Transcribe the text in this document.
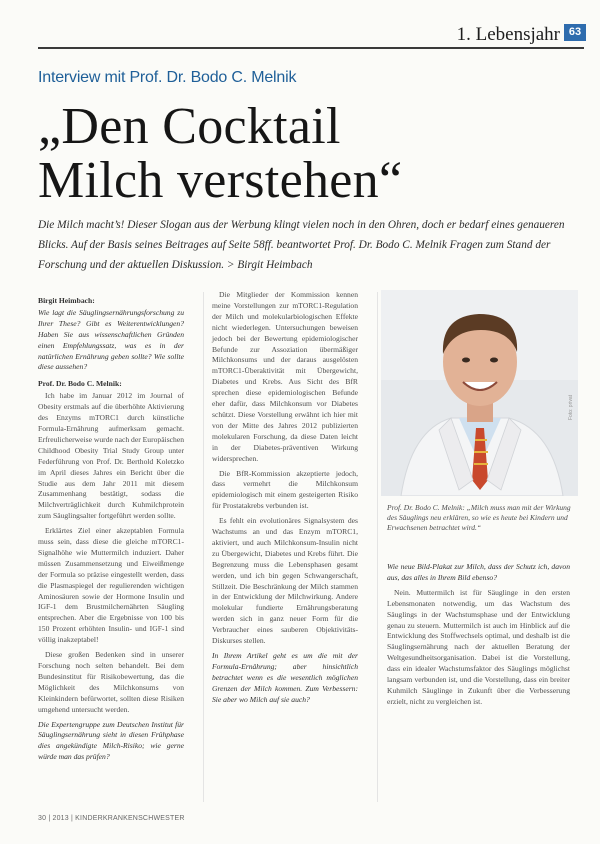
1. Lebensjahr 63
Interview mit Prof. Dr. Bodo C. Melnik
„Den Cocktail
Milch verstehen“
Die Milch macht’s! Dieser Slogan aus der Werbung klingt vielen noch in den Ohren, doch er bedarf eines genaueren Blicks. Auf der Basis seines Beitrages auf Seite 58ff. beantwortet Prof. Dr. Bodo C. Melnik Fragen zum Stand der Forschung und der aktuellen Diskussion. > Birgit Heimbach

Birgit Heimbach:

Wie lagt die Säuglingsernährungsforschung zu Ihrer These? Gibt es Weiterentwicklungen? Haben Sie aus wissenschaftlichen Gründen einen Empfehlungssatz, was es in der natürlichen Ernährung geben sollte? Wie sollte diese aussehen?

Prof. Dr. Bodo C. Melnik:

Ich habe im Januar 2012 im Journal of Obesity erstmals auf die überhöhte Aktivierung des Enzyms mTORC1 durch künstliche Formula-Ernährung aufmerksam gemacht. Erfreulicherweise wurde nach der Europäischen Childhood Obesity Trial Study Group unter Federführung von Prof. Dr. Berthold Koletzko im April dieses Jahres ein Bericht über die Studie aus dem Jahr 2011 mit diesem Zusammenhang bestätigt, sodass die Milchverträglichkeit durch Kuhmilchprotein zum Säuglingsalter fortgeführt werden sollte.

Erklärtes Ziel einer akzeptablen Formula muss sein, dass diese die gleiche mTORC1-Signalhöhe wie Muttermilch induziert. Daher müssen Zusammensetzung und Eiweißmenge der Formula so präzise eingestellt werden, dass die Plasmaspiegel der regulierenden wichtigen Aminosäuren sowie der Hormone Insulin und IGF-1 dem Brustmilchernährten Säugling entsprechen. Aber die Ergebnisse von 100 bis 150 Prozent erhöhten Insulin- und IGF-1 sind völlig inakzeptabel!

Diese großen Bedenken sind in unserer Forschung noch selten behandelt. Bei dem Bundesinstitut für Risikobewertung, das die Möglichkeit des Milchkonsums von Kleinkindern befürwortet, sollten diese Risiken umgehend untersucht werden.

Die Expertengruppe zum Deutschen Institut für Säuglingsernährung sieht in diesen Frühphase dies angekündigte Milch-Risiko; wie gerne würde man das prüfen?

Die Mitglieder der Kommission kennen meine Vorstellungen zur mTORC1-Regulation der Milch und molekularbiologischen Effekte nicht wiederlegen. Untersuchungen beweisen jedoch bei der Bewertung epidemiologischer Befunde zur Assoziation übermäßiger Milchkonsums und der daraus ausgelösten mTORC1-Überaktivität mit Übergewicht, Diabetes und Krebs. Aus Sicht des BfR sprechen diese epidemiologischen Befunde eher dafür, dass Milchkonsum vor Diabetes schützt. Diese Vorstellung erwähnt ich hier mit von der Mitte des Jahres 2012 publizierten molekularen Forschung, da diese Daten leicht in der Diabetes-präventiven Wirkung widersprechen.

Die BfR-Kommission akzeptierte jedoch, dass vermehrt die Milchkonsum epidemiologisch mit einem gesteigerten Risiko für Prostatakrebs verbunden ist.

Es fehlt ein evolutionäres Signalsystem des Wachstums an und das Enzym mTORC1, aktiviert, und auch Milchkonsum-Insulin nicht zu Übergewicht, Diabetes und Krebs führt. Die Begrenzung muss die Lebensphasen gesamt werden, und ich bin gegen Schwangerschaft, Stillzeit. Die Beschränkung der Milch stammen in der Entwicklung der Milchwirkung. Andere molekular fundierte Ernährungsberatung werden sich in ganz neuer Form für die Verbraucher eines sauberen Objektivitäts-Diskurses stellen.

In Ihrem Artikel geht es um die mit der Formula-Ernährung; aber hinsichtlich betrachtet wenn es die wesentlich möglichen Grenzen der Milch kommen. Zum Verbessern: Sie aber wo Milch auf sie auch?

Foto: privat
Prof. Dr. Bodo C. Melnik: „Milch muss man mit der Wirkung des Säuglings neu erklären, so wie es heute bei Kindern und Erwachsenen betrachtet wird.“

Wie neue Bild-Plakat zur Milch, dass der Schutz ich, davon aus, das alles in Ihrem Bild ebenso?

Nein. Muttermilch ist für Säuglinge in den ersten Lebensmonaten notwendig, um das Wachstum des Säuglings in der Wachstumsphase und der Entwicklung genau zu steuern. Muttermilch ist auch im Hinblick auf die Entwicklung des Stoffwechsels optimal, und deshalb ist die Säuglingsernährung nach der aktuellen Beratung der Weltgesundheitsorganisation. Dabei ist die Vorstellung, dass ein idealer Wachstumsfaktor des Säuglings möglichst langsam verbunden ist, und die Vorstellung, dass ein breiter Kuhmilch Säuglinge in Zukunft über die Verbesserung erzielt, nicht zu vergleichen ist.

30 | 2013 | KINDERKRANKENSCHWESTER
